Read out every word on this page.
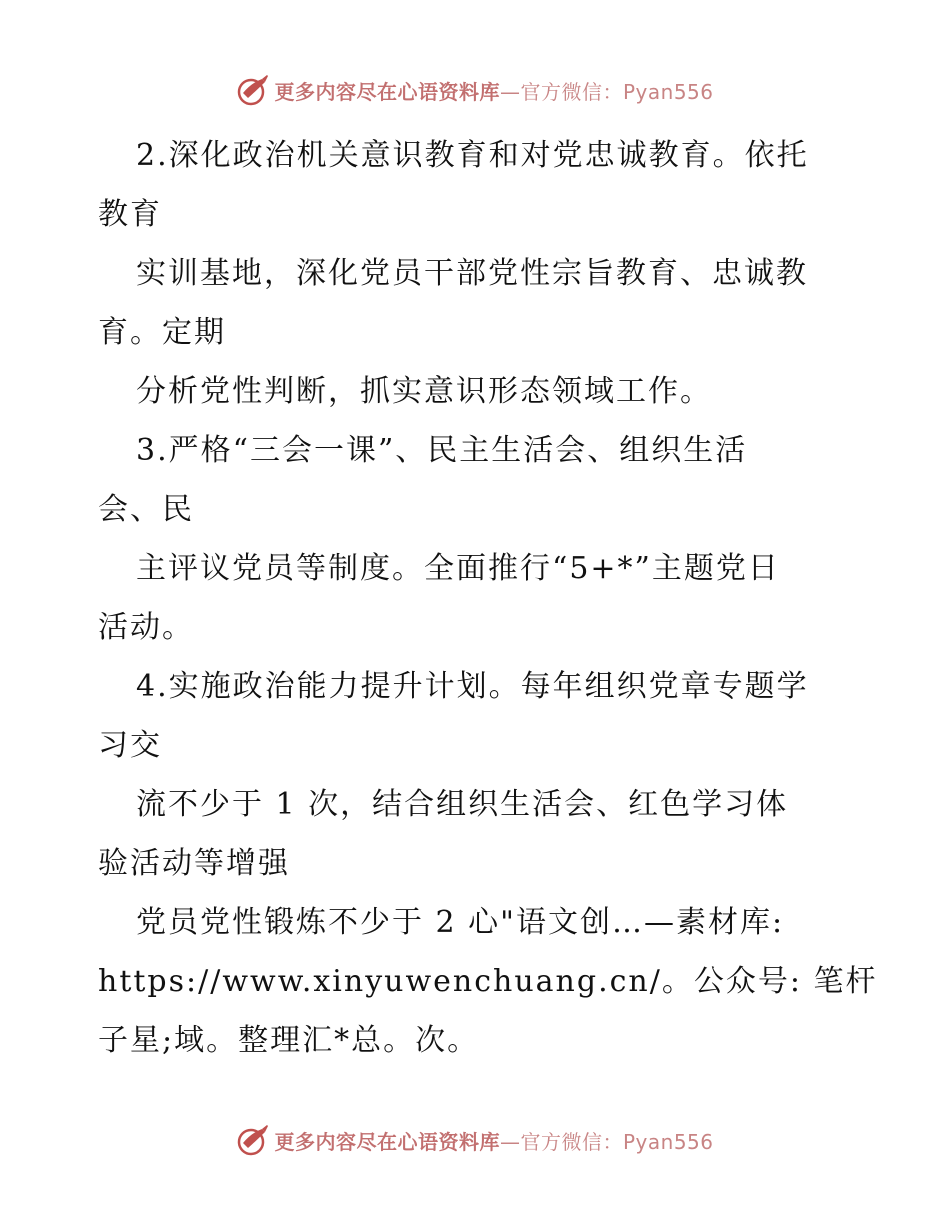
更多内容尽在心语资料库—官方微信：Pyan556
2.深化政治机关意识教育和对党忠诚教育。依托
教育
实训基地，深化党员干部党性宗旨教育、忠诚教
育。定期
分析党性判断，抓实意识形态领域工作。
3.严格“三会一课”、民主生活会、组织生活
会、民
主评议党员等制度。全面推行“5+*”主题党日
活动。
4.实施政治能力提升计划。每年组织党章专题学
习交
流不少于 1 次，结合组织生活会、红色学习体
验活动等增强
党员党性锻炼不少于 2 心"语文创…—素材库:
https://www.xinyuwenchuang.cn/。公众号: 笔杆
子星;域。整理汇*总。次。
更多内容尽在心语资料库—官方微信：Pyan556
